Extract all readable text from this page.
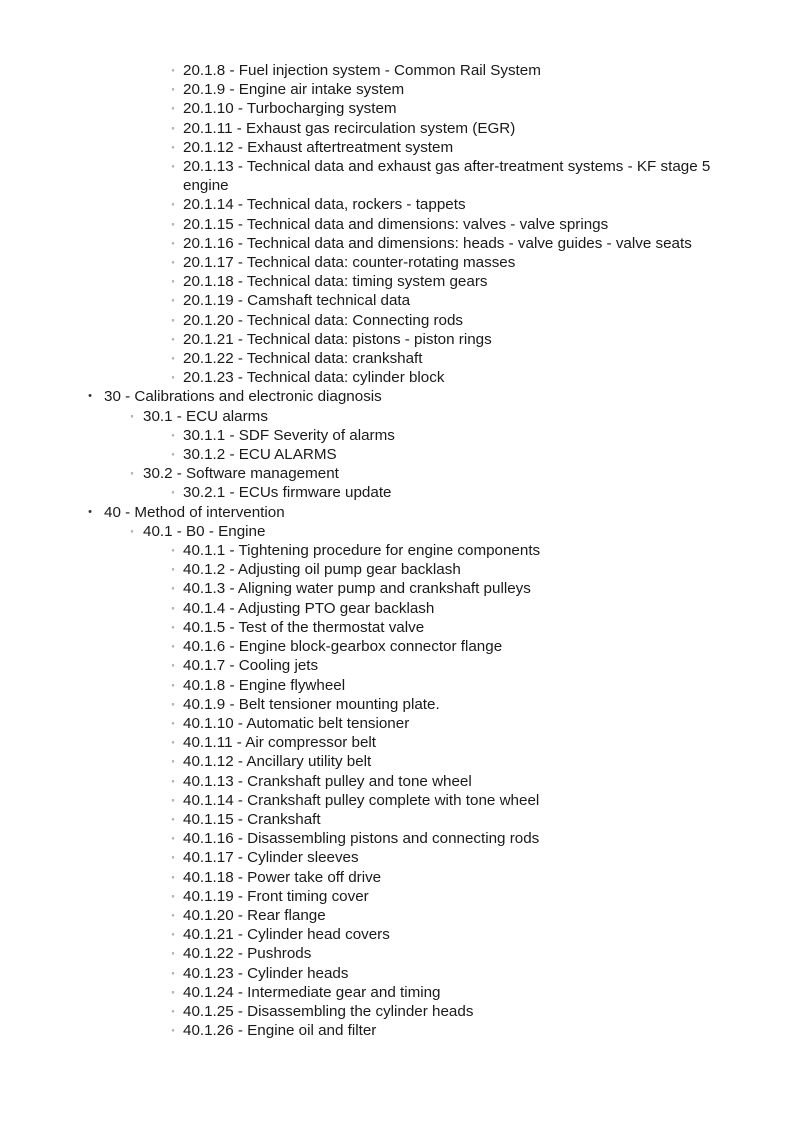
◦ 20.1.8 - Fuel injection system - Common Rail System
◦ 20.1.9 - Engine air intake system
◦ 20.1.10 - Turbocharging system
◦ 20.1.11 - Exhaust gas recirculation system (EGR)
◦ 20.1.12 - Exhaust aftertreatment system
◦ 20.1.13 - Technical data and exhaust gas after-treatment systems - KF stage 5 engine
◦ 20.1.14 - Technical data, rockers - tappets
◦ 20.1.15 - Technical data and dimensions: valves - valve springs
◦ 20.1.16 - Technical data and dimensions: heads - valve guides - valve seats
◦ 20.1.17 - Technical data: counter-rotating masses
◦ 20.1.18 - Technical data: timing system gears
◦ 20.1.19 - Camshaft technical data
◦ 20.1.20 - Technical data: Connecting rods
◦ 20.1.21 - Technical data: pistons - piston rings
◦ 20.1.22 - Technical data: crankshaft
◦ 20.1.23 - Technical data: cylinder block
• 30 - Calibrations and electronic diagnosis
◦ 30.1 - ECU alarms
◦ 30.1.1 - SDF Severity of alarms
◦ 30.1.2 - ECU ALARMS
◦ 30.2 - Software management
◦ 30.2.1 - ECUs firmware update
• 40 - Method of intervention
◦ 40.1 - B0 - Engine
◦ 40.1.1 - Tightening procedure for engine components
◦ 40.1.2 - Adjusting oil pump gear backlash
◦ 40.1.3 - Aligning water pump and crankshaft pulleys
◦ 40.1.4 - Adjusting PTO gear backlash
◦ 40.1.5 - Test of the thermostat valve
◦ 40.1.6 - Engine block-gearbox connector flange
◦ 40.1.7 - Cooling jets
◦ 40.1.8 - Engine flywheel
◦ 40.1.9 - Belt tensioner mounting plate.
◦ 40.1.10 - Automatic belt tensioner
◦ 40.1.11 - Air compressor belt
◦ 40.1.12 - Ancillary utility belt
◦ 40.1.13 - Crankshaft pulley and tone wheel
◦ 40.1.14 - Crankshaft pulley complete with tone wheel
◦ 40.1.15 - Crankshaft
◦ 40.1.16 - Disassembling pistons and connecting rods
◦ 40.1.17 - Cylinder sleeves
◦ 40.1.18 - Power take off drive
◦ 40.1.19 - Front timing cover
◦ 40.1.20 - Rear flange
◦ 40.1.21 - Cylinder head covers
◦ 40.1.22 - Pushrods
◦ 40.1.23 - Cylinder heads
◦ 40.1.24 - Intermediate gear and timing
◦ 40.1.25 - Disassembling the cylinder heads
◦ 40.1.26 - Engine oil and filter
